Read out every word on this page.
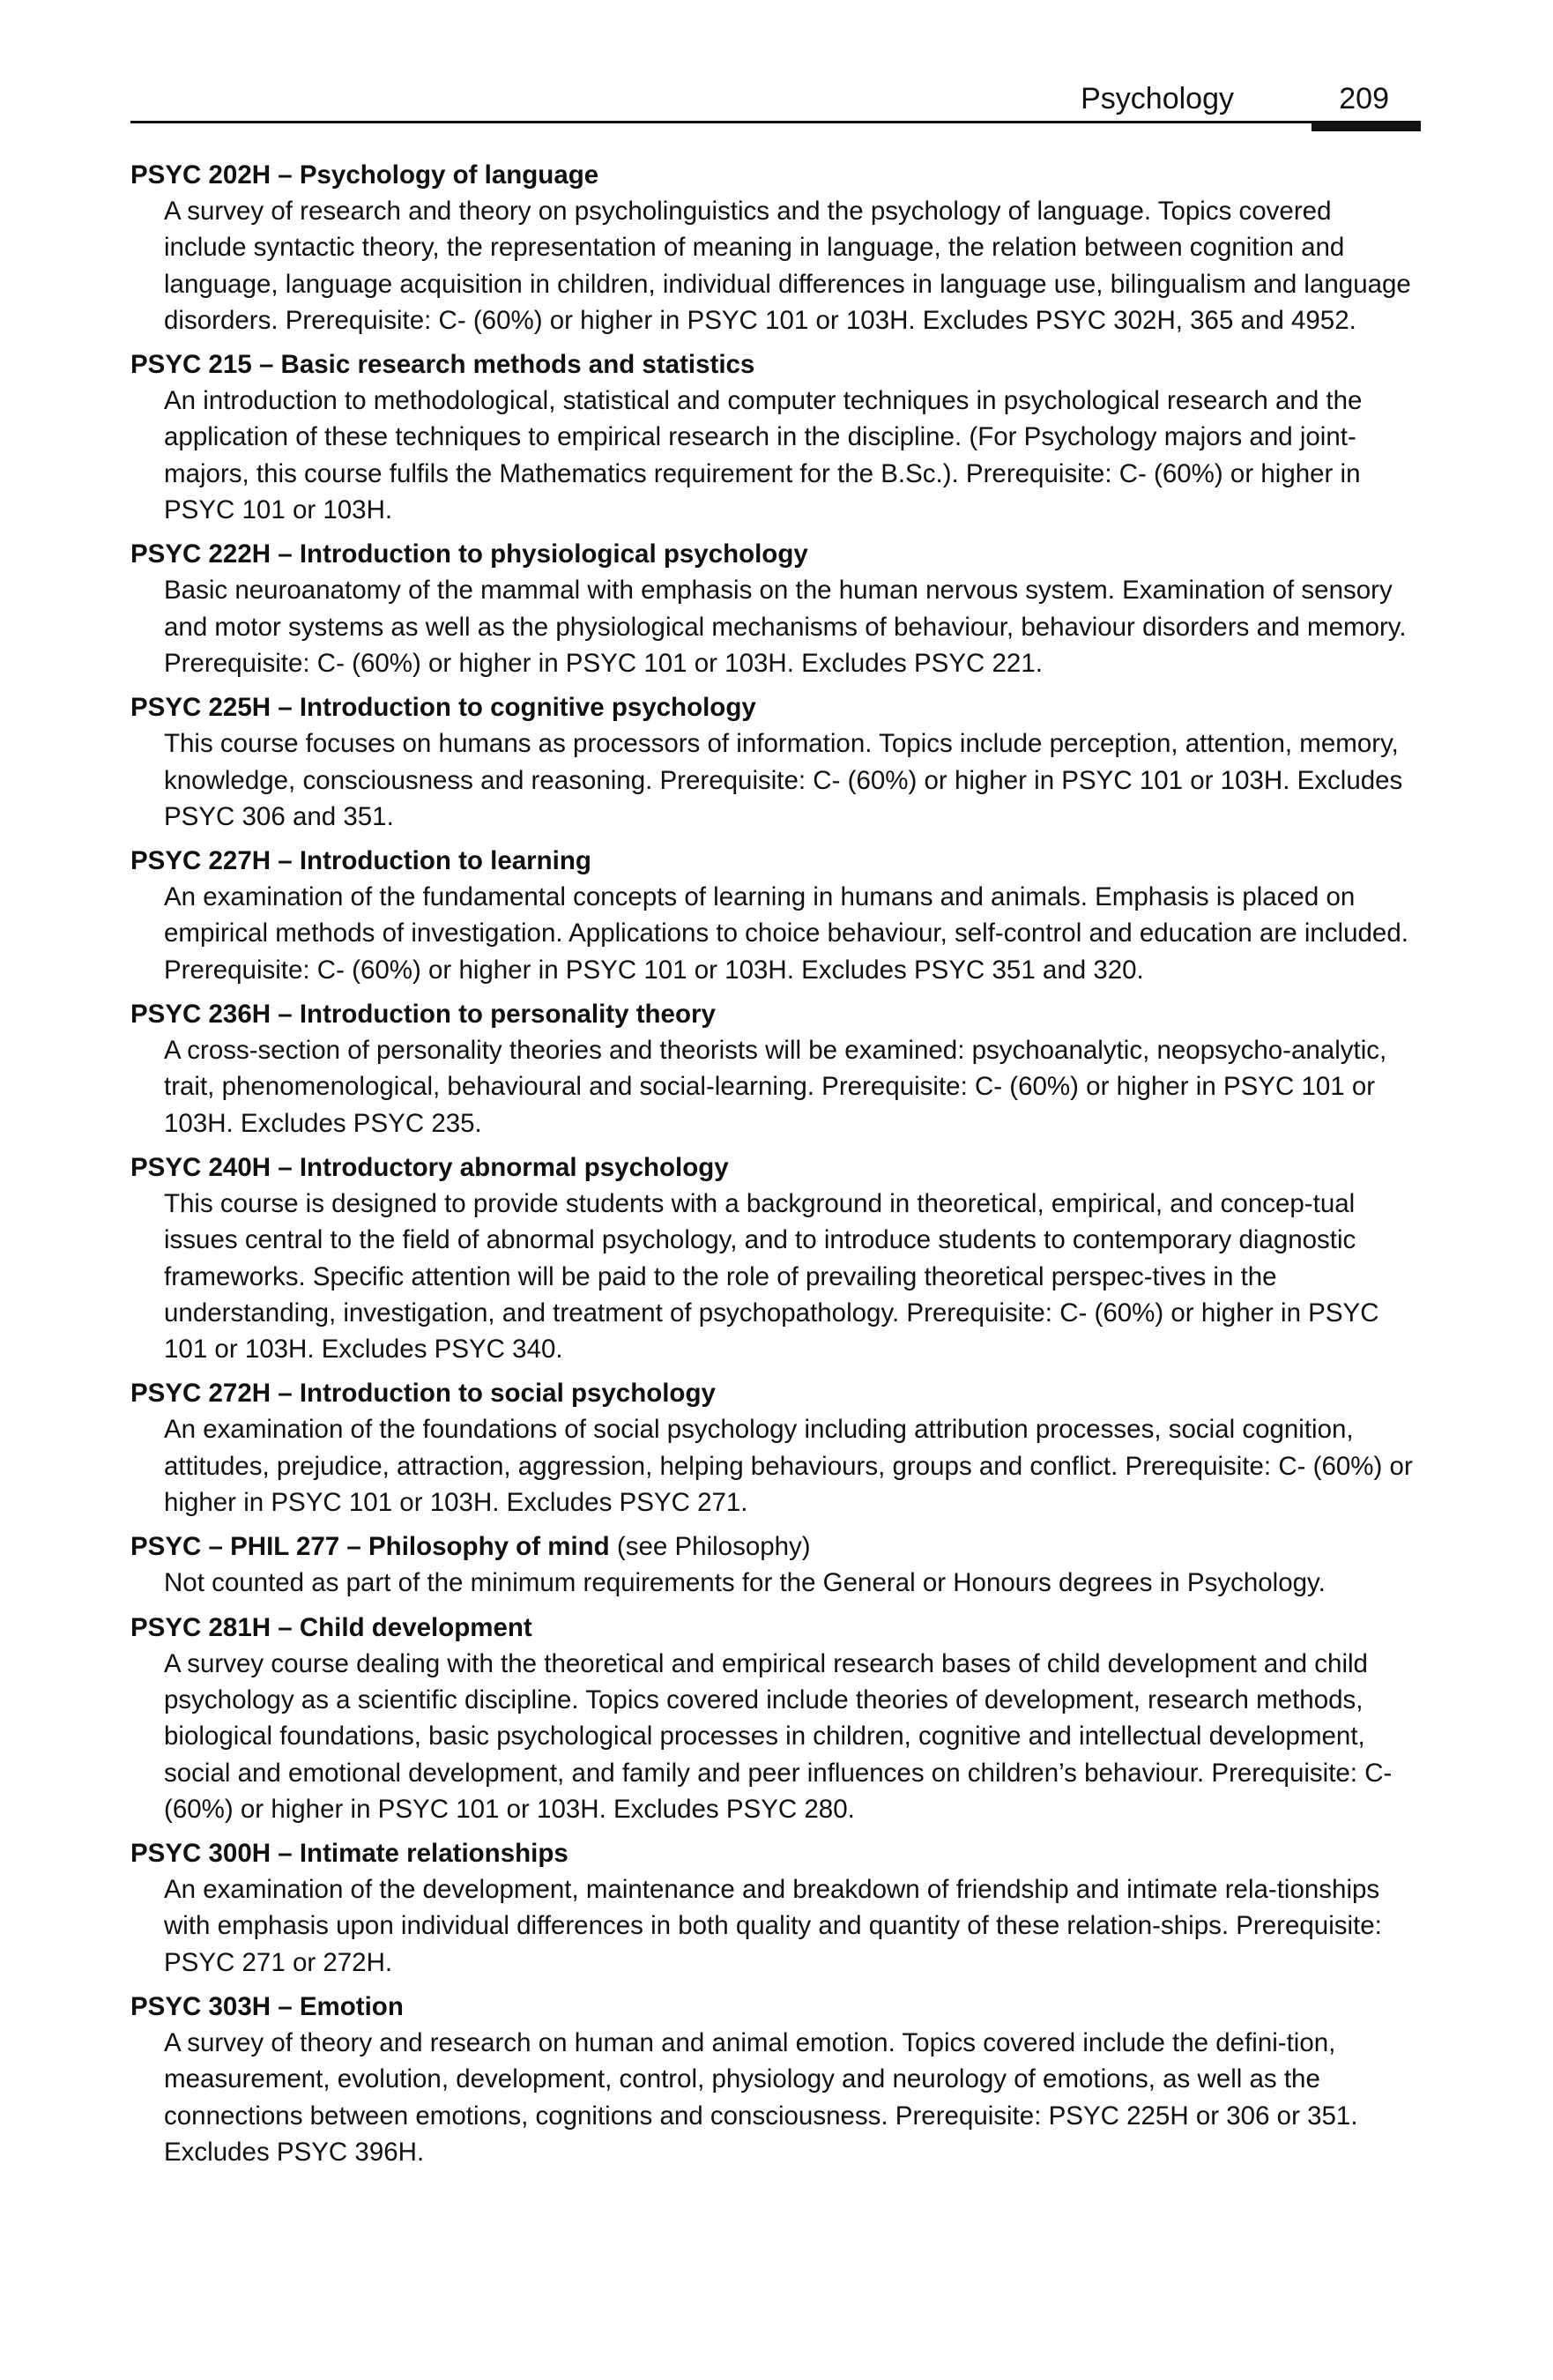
Psychology	209
PSYC 202H – Psychology of language
A survey of research and theory on psycholinguistics and the psychology of language. Topics covered include syntactic theory, the representation of meaning in language, the relation between cognition and language, language acquisition in children, individual differences in language use, bilingualism and language disorders. Prerequisite: C- (60%) or higher in PSYC 101 or 103H. Excludes PSYC 302H, 365 and 4952.
PSYC 215 – Basic research methods and statistics
An introduction to methodological, statistical and computer techniques in psychological research and the application of these techniques to empirical research in the discipline. (For Psychology majors and joint-majors, this course fulfils the Mathematics requirement for the B.Sc.). Prerequisite: C- (60%) or higher in PSYC 101 or 103H.
PSYC 222H – Introduction to physiological psychology
Basic neuroanatomy of the mammal with emphasis on the human nervous system. Examination of sensory and motor systems as well as the physiological mechanisms of behaviour, behaviour disorders and memory. Prerequisite: C- (60%) or higher in PSYC 101 or 103H. Excludes PSYC 221.
PSYC 225H – Introduction to cognitive psychology
This course focuses on humans as processors of information. Topics include perception, attention, memory, knowledge, consciousness and reasoning. Prerequisite: C- (60%) or higher in PSYC 101 or 103H. Excludes PSYC 306 and 351.
PSYC 227H – Introduction to learning
An examination of the fundamental concepts of learning in humans and animals. Emphasis is placed on empirical methods of investigation. Applications to choice behaviour, self-control and education are included. Prerequisite: C- (60%) or higher in PSYC 101 or 103H. Excludes PSYC 351 and 320.
PSYC 236H – Introduction to personality theory
A cross-section of personality theories and theorists will be examined: psychoanalytic, neopsycho-analytic, trait, phenomenological, behavioural and social-learning. Prerequisite: C- (60%) or higher in PSYC 101 or 103H. Excludes PSYC 235.
PSYC 240H – Introductory abnormal psychology
This course is designed to provide students with a background in theoretical, empirical, and concep-tual issues central to the field of abnormal psychology, and to introduce students to contemporary diagnostic frameworks. Specific attention will be paid to the role of prevailing theoretical perspec-tives in the understanding, investigation, and treatment of psychopathology. Prerequisite: C- (60%) or higher in PSYC 101 or 103H. Excludes PSYC 340.
PSYC 272H – Introduction to social psychology
An examination of the foundations of social psychology including attribution processes, social cognition, attitudes, prejudice, attraction, aggression, helping behaviours, groups and conflict. Prerequisite: C- (60%) or higher in PSYC 101 or 103H. Excludes PSYC 271.
PSYC – PHIL 277 – Philosophy of mind (see Philosophy)
Not counted as part of the minimum requirements for the General or Honours degrees in Psychology.
PSYC 281H – Child development
A survey course dealing with the theoretical and empirical research bases of child development and child psychology as a scientific discipline. Topics covered include theories of development, research methods, biological foundations, basic psychological processes in children, cognitive and intellectual development, social and emotional development, and family and peer influences on children’s behaviour. Prerequisite: C- (60%) or higher in PSYC 101 or 103H. Excludes PSYC 280.
PSYC 300H – Intimate relationships
An examination of the development, maintenance and breakdown of friendship and intimate rela-tionships with emphasis upon individual differences in both quality and quantity of these relation-ships. Prerequisite: PSYC 271 or 272H.
PSYC 303H – Emotion
A survey of theory and research on human and animal emotion. Topics covered include the defini-tion, measurement, evolution, development, control, physiology and neurology of emotions, as well as the connections between emotions, cognitions and consciousness. Prerequisite: PSYC 225H or 306 or 351. Excludes PSYC 396H.
